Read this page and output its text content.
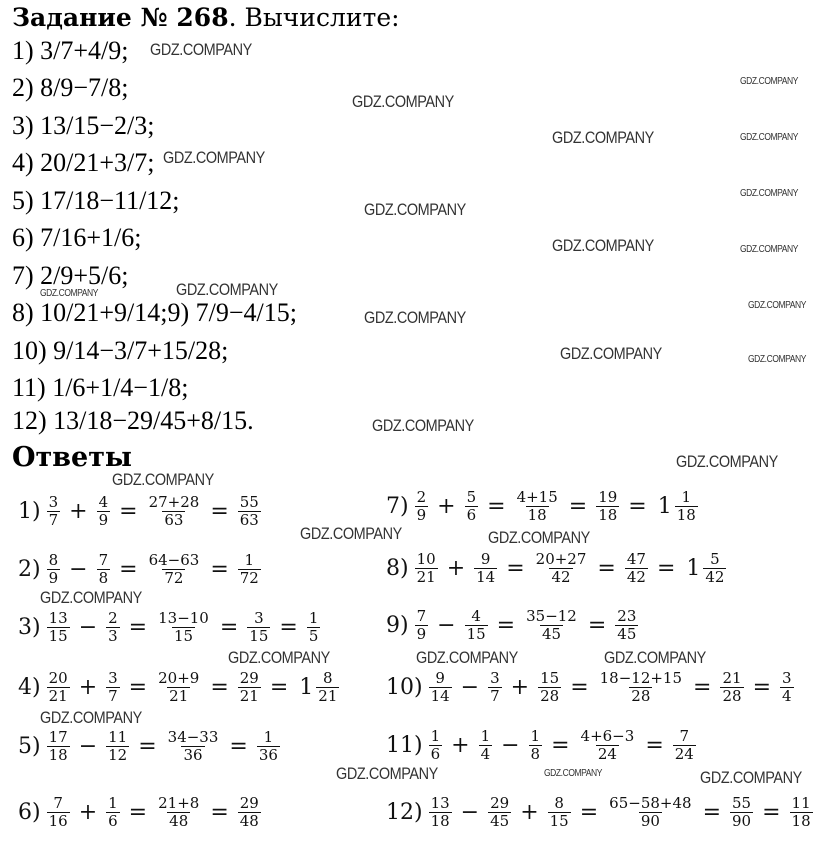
Задание № 268. Вычислите:
1) 3/7+4/9;
2) 8/9−7/8;
3) 13/15−2/3;
4) 20/21+3/7;
5) 17/18−11/12;
6) 7/16+1/6;
7) 2/9+5/6;
8) 10/21+9/14;9) 7/9−4/15;
10) 9/14−3/7+15/28;
11) 1/6+1/4−1/8;
12) 13/18−29/45+8/15.
Ответы
$1) \frac{3}{7} + \frac{4}{9} = \frac{27+28}{63} = \frac{55}{63}$
$2) \frac{8}{9} - \frac{7}{8} = \frac{64-63}{72} = \frac{1}{72}$
$3) \frac{13}{15} - \frac{2}{3} = \frac{13-10}{15} = \frac{3}{15} = \frac{1}{5}$
$4) \frac{20}{21} + \frac{3}{7} = \frac{20+9}{21} = \frac{29}{21} = 1 \frac{8}{21}$
$5) \frac{17}{18} - \frac{11}{12} = \frac{34-33}{36} = \frac{1}{36}$
$6) \frac{7}{16} + \frac{1}{6} = \frac{21+8}{48} = \frac{29}{48}$
$7) \frac{2}{9} + \frac{5}{6} = \frac{4+15}{18} = \frac{19}{18} = 1 \frac{1}{18}$
$8) \frac{10}{21} + \frac{9}{14} = \frac{20+27}{42} = \frac{47}{42} = 1 \frac{5}{42}$
$9) \frac{7}{9} - \frac{4}{15} = \frac{35-12}{45} = \frac{23}{45}$
$10) \frac{9}{14} - \frac{3}{7} + \frac{15}{28} = \frac{18-12+15}{28} = \frac{21}{28} = \frac{3}{4}$
$11) \frac{1}{6} + \frac{1}{4} - \frac{1}{8} = \frac{4+6-3}{24} = \frac{7}{24}$
$12) \frac{13}{18} - \frac{29}{45} + \frac{8}{15} = \frac{65-58+48}{90} = \frac{55}{90} = \frac{11}{18}$
GDZ.COMPANY
GDZ.COMPANY
GDZ.COMPANY
GDZ.COMPANY	GDZ.COMPANY
GDZ.COMPANY
GDZ.COMPANY
GDZ.COMPANY
GDZ.COMPANY	GDZ.COMPANY
GDZ.COMPANY
GDZ.COMPANY
GDZ.COMPANY
GDZ.COMPANY
GDZ.COMPANY	GDZ.COMPANY
GDZ.COMPANY
GDZ.COMPANY
GDZ.COMPANY
GDZ.COMPANY	GDZ.COMPANY
GDZ.COMPANY
GDZ.COMPANY	GDZ.COMPANY	GDZ.COMPANY
GDZ.COMPANY
GDZ.COMPANY	GDZ.COMPANY	GDZ.COMPANY
